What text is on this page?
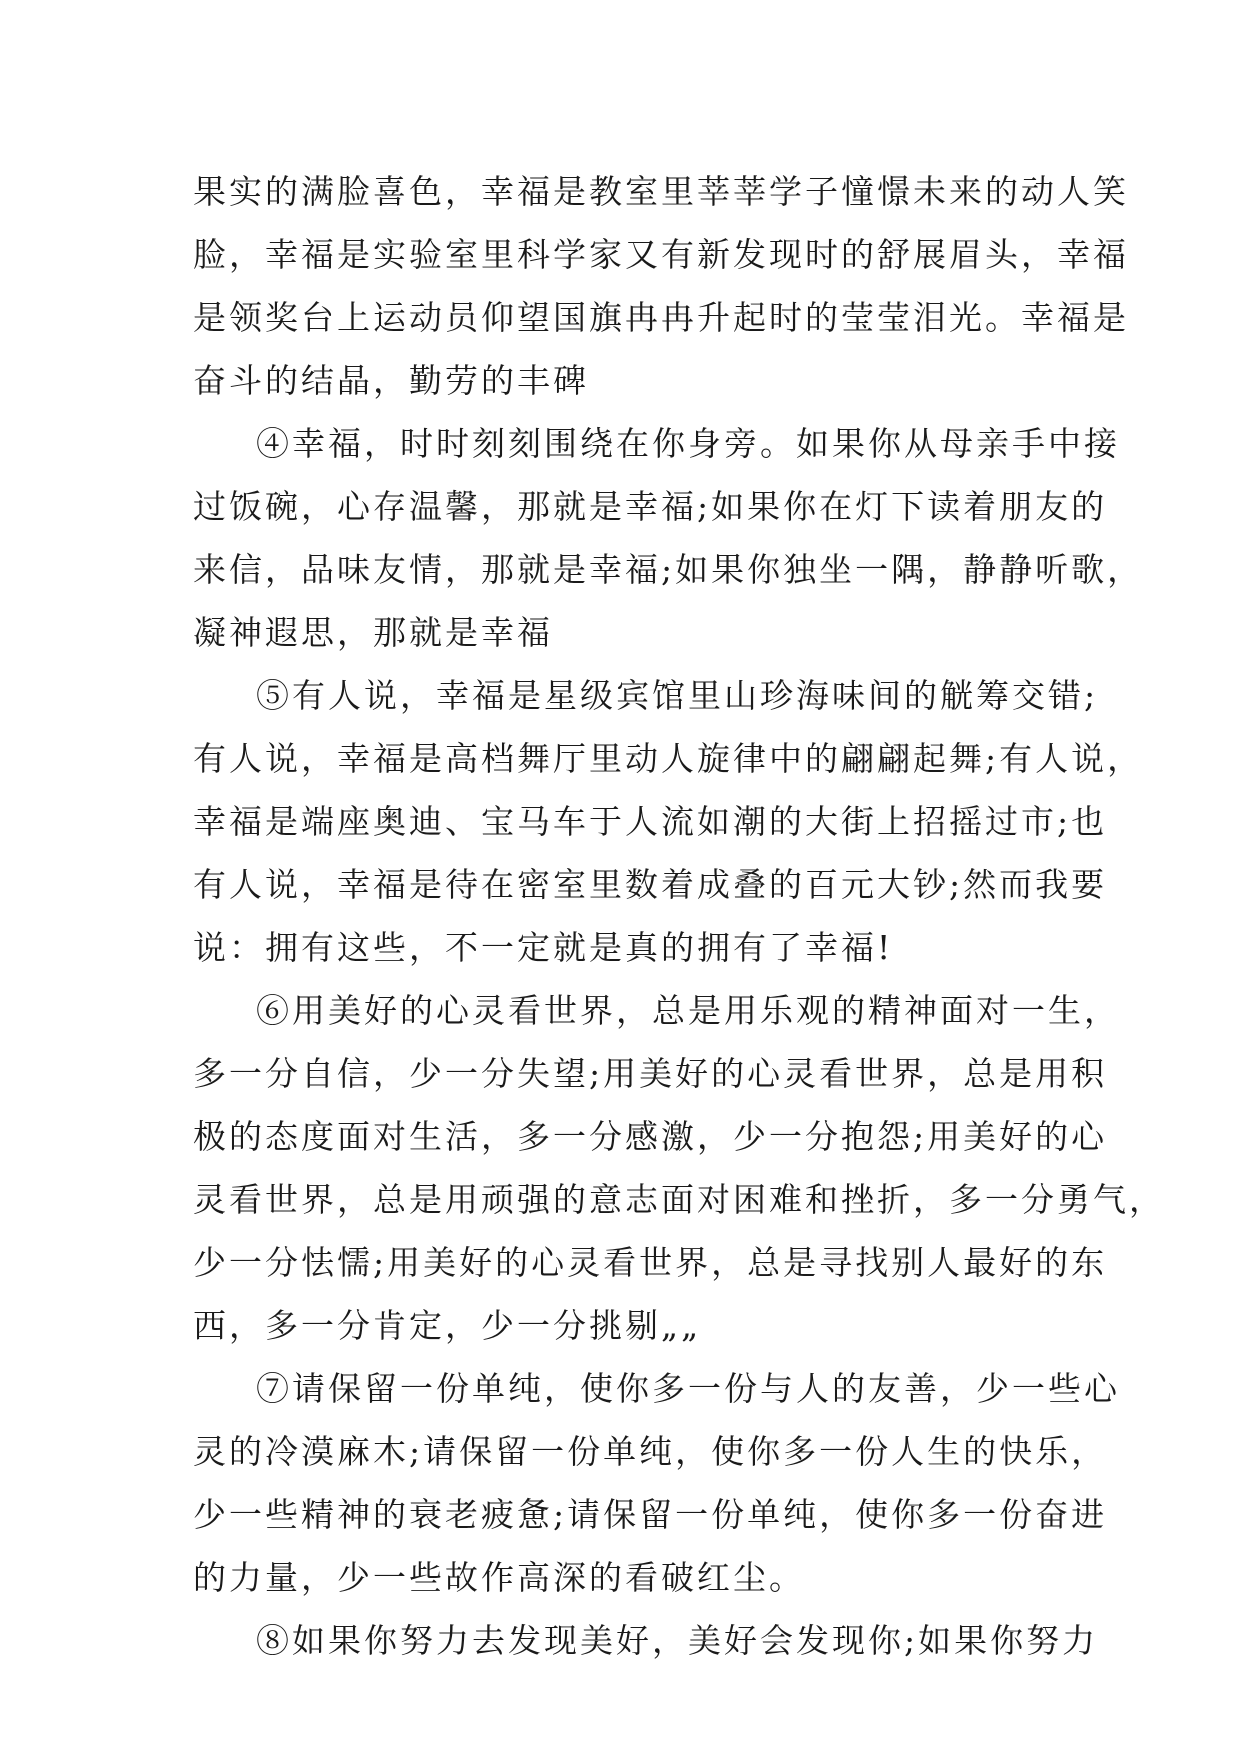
果实的满脸喜色，幸福是教室里莘莘学子憧憬未来的动人笑
脸，幸福是实验室里科学家又有新发现时的舒展眉头，幸福
是领奖台上运动员仰望国旗冉冉升起时的莹莹泪光。幸福是
奋斗的结晶，勤劳的丰碑
④幸福，时时刻刻围绕在你身旁。如果你从母亲手中接
过饭碗，心存温馨，那就是幸福;如果你在灯下读着朋友的
来信，品味友情，那就是幸福;如果你独坐一隅，静静听歌，
凝神遐思，那就是幸福
⑤有人说，幸福是星级宾馆里山珍海味间的觥筹交错;
有人说，幸福是高档舞厅里动人旋律中的翩翩起舞;有人说，
幸福是端座奥迪、宝马车于人流如潮的大街上招摇过市;也
有人说，幸福是待在密室里数着成叠的百元大钞;然而我要
说：拥有这些，不一定就是真的拥有了幸福!
⑥用美好的心灵看世界，总是用乐观的精神面对一生，
多一分自信，少一分失望;用美好的心灵看世界，总是用积
极的态度面对生活，多一分感激，少一分抱怨;用美好的心
灵看世界，总是用顽强的意志面对困难和挫折，多一分勇气，
少一分怯懦;用美好的心灵看世界，总是寻找别人最好的东
西，多一分肯定，少一分挑剔„„
⑦请保留一份单纯，使你多一份与人的友善，少一些心
灵的冷漠麻木;请保留一份单纯，使你多一份人生的快乐，
少一些精神的衰老疲惫;请保留一份单纯，使你多一份奋进
的力量，少一些故作高深的看破红尘。
⑧如果你努力去发现美好，美好会发现你;如果你努力
